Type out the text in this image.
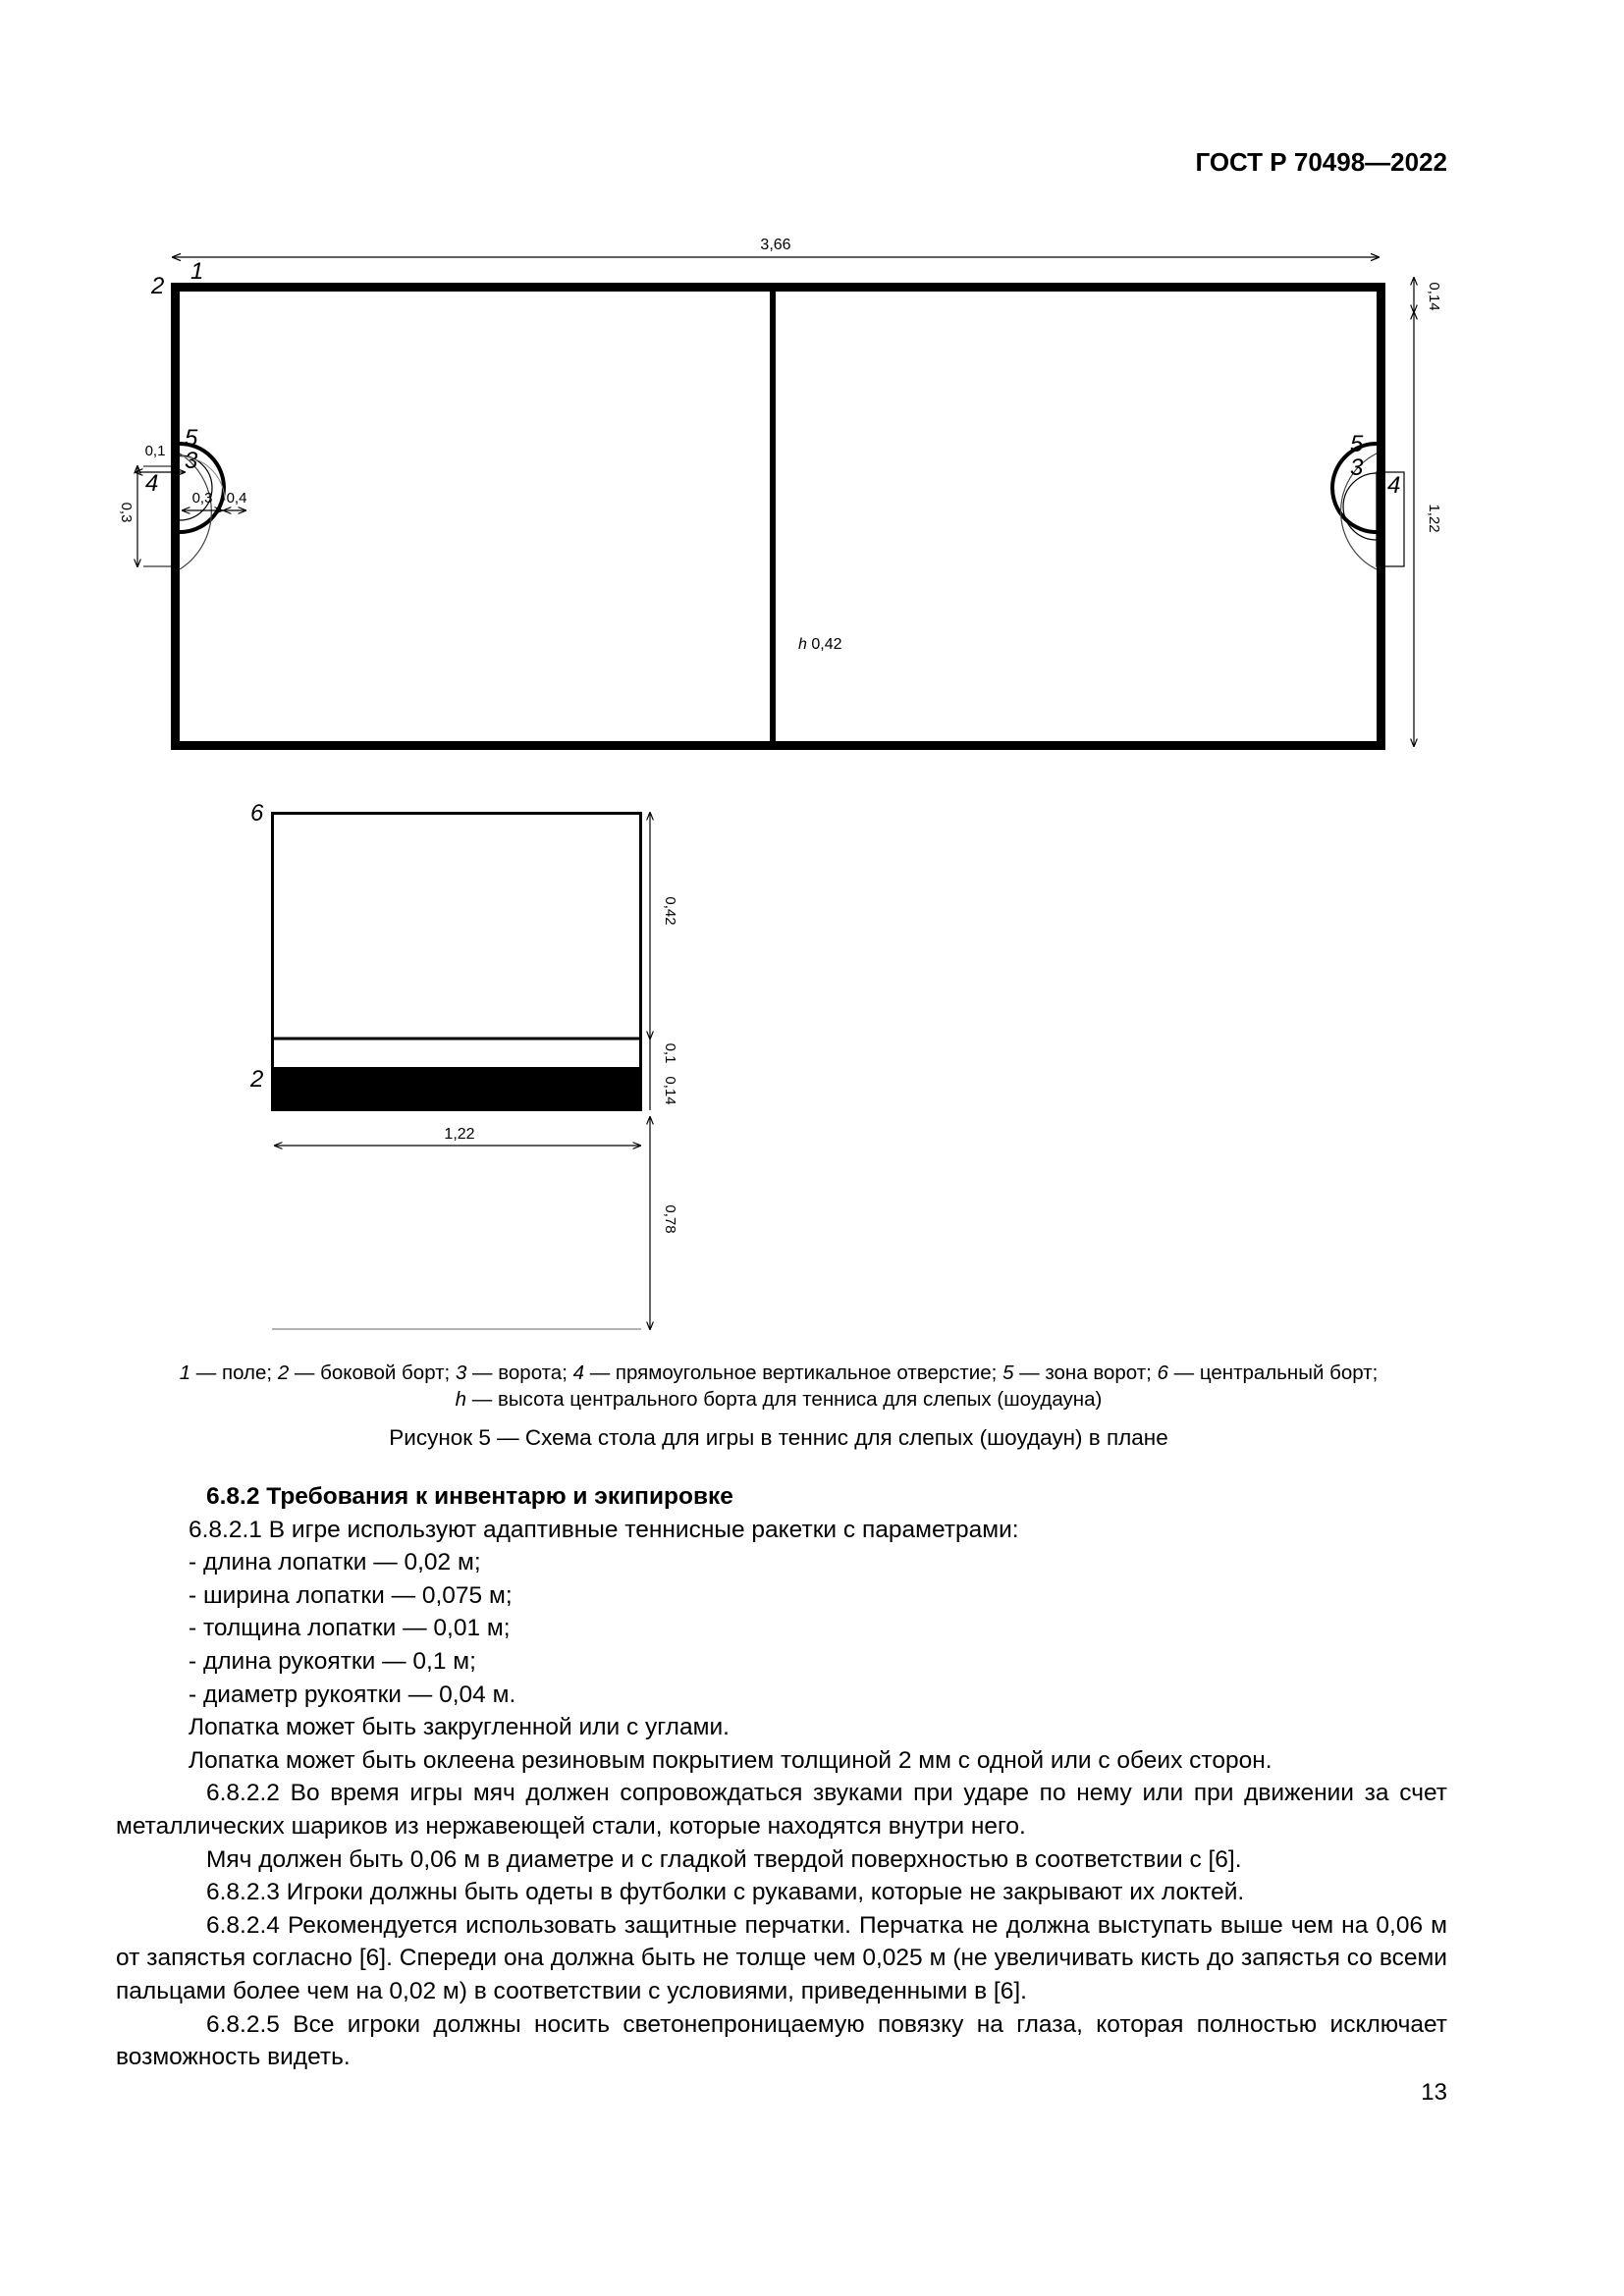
ГОСТ Р 70498—2022
3,66
2
1
0,1
0,3
0,3 0,4
5
3
4
5
3
4
0,14
1,22
h 0,42
6
2
0,42
0,1
0,14
0,78
1,22
1 — поле; 2 — боковой борт; 3 — ворота; 4 — прямоугольное вертикальное отверстие; 5 — зона ворот; 6 — центральный борт;
h — высота центрального борта для тенниса для слепых (шоудауна)
Рисунок 5 — Схема стола для игры в теннис для слепых (шоудаун) в плане

6.8.2 Требования к инвентарю и экипировке

6.8.2.1 В игре используют адаптивные теннисные ракетки с параметрами:

- длина лопатки — 0,02 м;

- ширина лопатки — 0,075 м;

- толщина лопатки — 0,01 м;

- длина рукоятки — 0,1 м;

- диаметр рукоятки — 0,04 м.

Лопатка может быть закругленной или с углами.

Лопатка может быть оклеена резиновым покрытием толщиной 2 мм с одной или с обеих сторон.

6.8.2.2 Во время игры мяч должен сопровождаться звуками при ударе по нему или при движении за счет металлических шариков из нержавеющей стали, которые находятся внутри него.

Мяч должен быть 0,06 м в диаметре и с гладкой твердой поверхностью в соответствии с [6].

6.8.2.3 Игроки должны быть одеты в футболки с рукавами, которые не закрывают их локтей.

6.8.2.4 Рекомендуется использовать защитные перчатки. Перчатка не должна выступать выше чем на 0,06 м от запястья согласно [6]. Спереди она должна быть не толще чем 0,025 м (не увеличивать кисть до запястья со всеми пальцами более чем на 0,02 м) в соответствии с условиями, приведенными в [6].

6.8.2.5 Все игроки должны носить светонепроницаемую повязку на глаза, которая полностью исключает возможность видеть.

13
